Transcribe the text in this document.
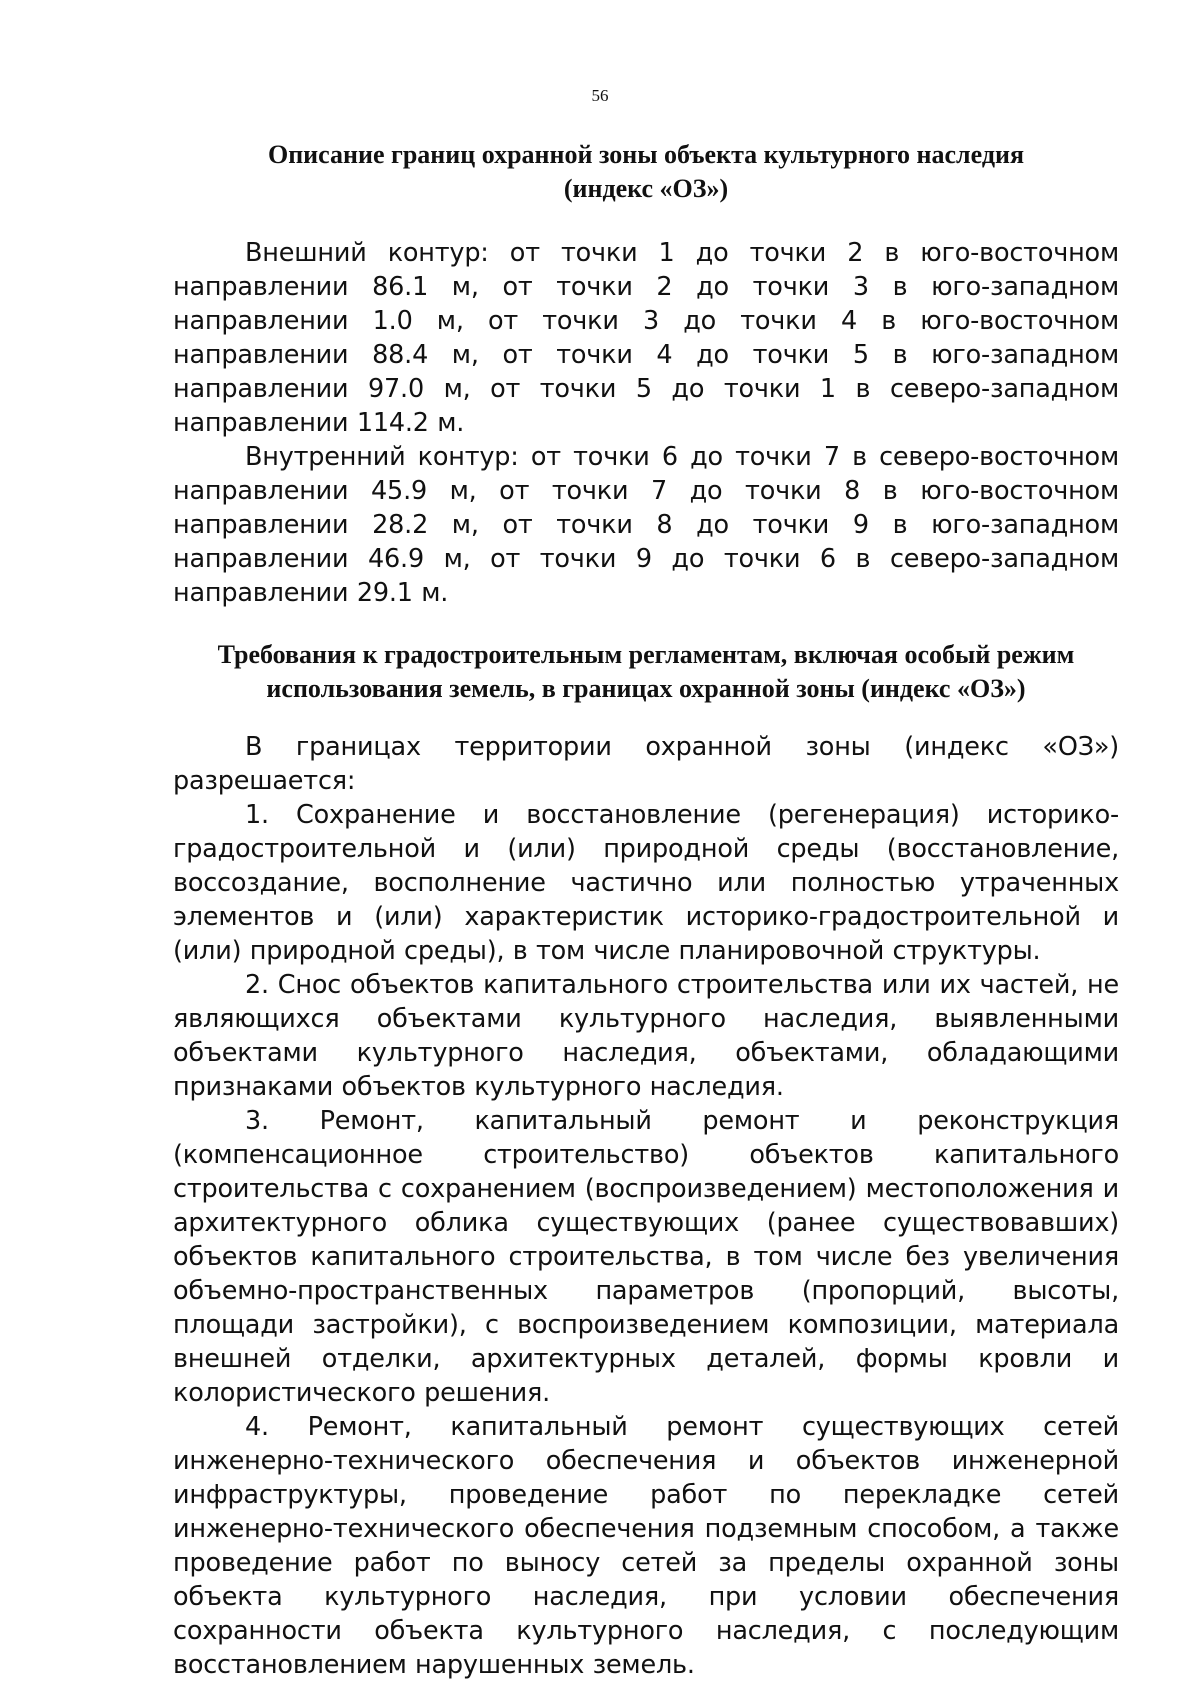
56
Описание границ охранной зоны объекта культурного наследия
(индекс «ОЗ»)

Внешний контур: от точки 1 до точки 2 в юго-восточном направлении 86.1 м, от точки 2 до точки 3 в юго-западном направлении 1.0 м, от точки 3 до точки 4 в юго-восточном направлении 88.4 м, от точки 4 до точки 5 в юго-западном направлении 97.0 м, от точки 5 до точки 1 в северо-западном направлении 114.2 м.

Внутренний контур: от точки 6 до точки 7 в северо-восточном направлении 45.9 м, от точки 7 до точки 8 в юго-восточном направлении 28.2 м, от точки 8 до точки 9 в юго-западном направлении 46.9 м, от точки 9 до точки 6 в северо-западном направлении 29.1 м.

Требования к градостроительным регламентам, включая особый режим
использования земель, в границах охранной зоны (индекс «ОЗ»)

В границах территории охранной зоны (индекс «ОЗ») разрешается:

1. Сохранение и восстановление (регенерация) историко-градостроительной и (или) природной среды (восстановление, воссоздание, восполнение частично или полностью утраченных элементов и (или) характеристик историко-градостроительной и (или) природной среды), в том числе планировочной структуры.

2. Снос объектов капитального строительства или их частей, не являющихся объектами культурного наследия, выявленными объектами культурного наследия, объектами, обладающими признаками объектов культурного наследия.

3. Ремонт, капитальный ремонт и реконструкция (компенсационное строительство) объектов капитального строительства с сохранением (воспроизведением) местоположения и архитектурного облика существующих (ранее существовавших) объектов капитального строительства, в том числе без увеличения объемно-пространственных параметров (пропорций, высоты, площади застройки), с воспроизведением композиции, материала внешней отделки, архитектурных деталей, формы кровли и колористического решения.

4. Ремонт, капитальный ремонт существующих сетей инженерно-технического обеспечения и объектов инженерной инфраструктуры, проведение работ по перекладке сетей инженерно-технического обеспечения подземным способом, а также проведение работ по выносу сетей за пределы охранной зоны объекта культурного наследия, при условии обеспечения сохранности объекта культурного наследия, с последующим восстановлением нарушенных земель.
